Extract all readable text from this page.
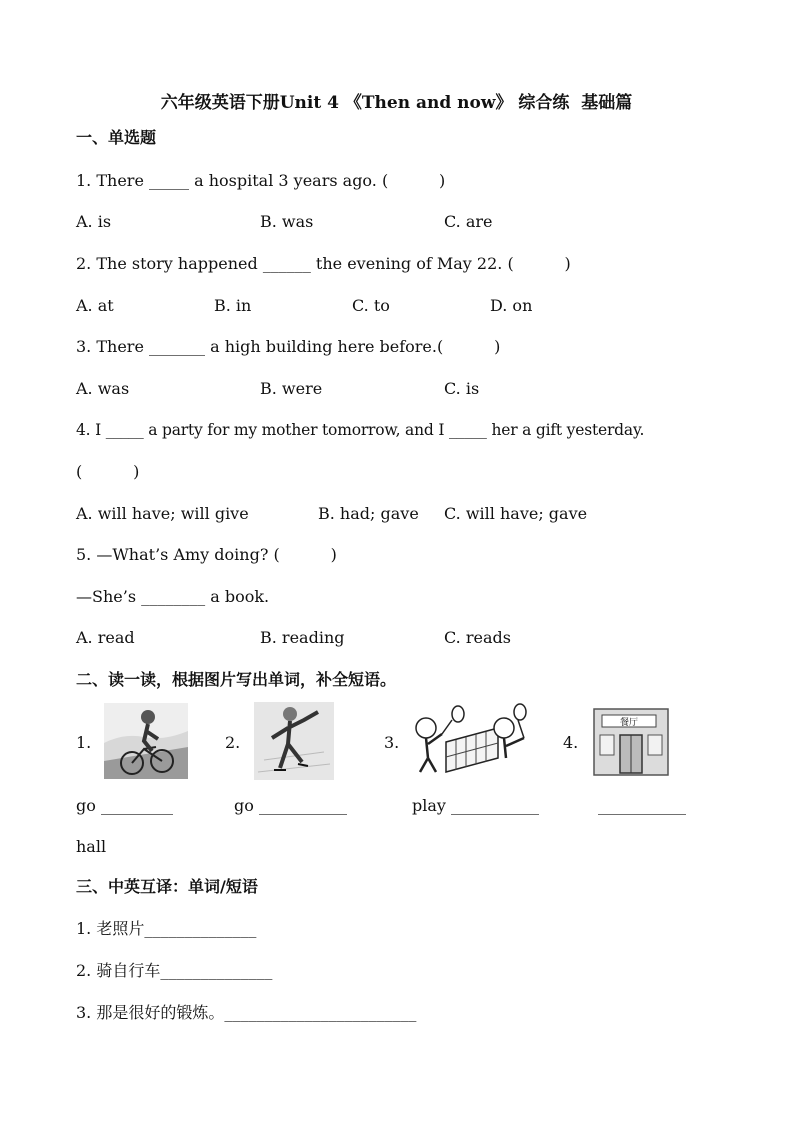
六年级英语下册Unit 4 《Then and now》 综合练  基础篇
一、单选题
1. There _____ a hospital 3 years ago. (          )
A. is	B. was	C. are
2. The story happened ______ the evening of May 22. (          )
A. at	B. in	C. to	D. on
3. There _______ a high building here before.(          )
A. was	B. were	C. is
4. I _____ a party for my mother tomorrow, and I _____ her a gift yesterday.
(          )
A. will have; will give	B. had; gave C. will have; gave
5. —What’s Amy doing? (          )
—She’s ________ a book.
A. read	B. reading	C. reads
二、读一读，根据图片写出单词，补全短语。
1.	2.	3.	4.
餐厅
go _________	go ___________	play ___________	___________
hall
三、中英互译：单词/短语
1. 老照片______________
2. 骑自行车______________
3. 那是很好的锻炼。________________________
